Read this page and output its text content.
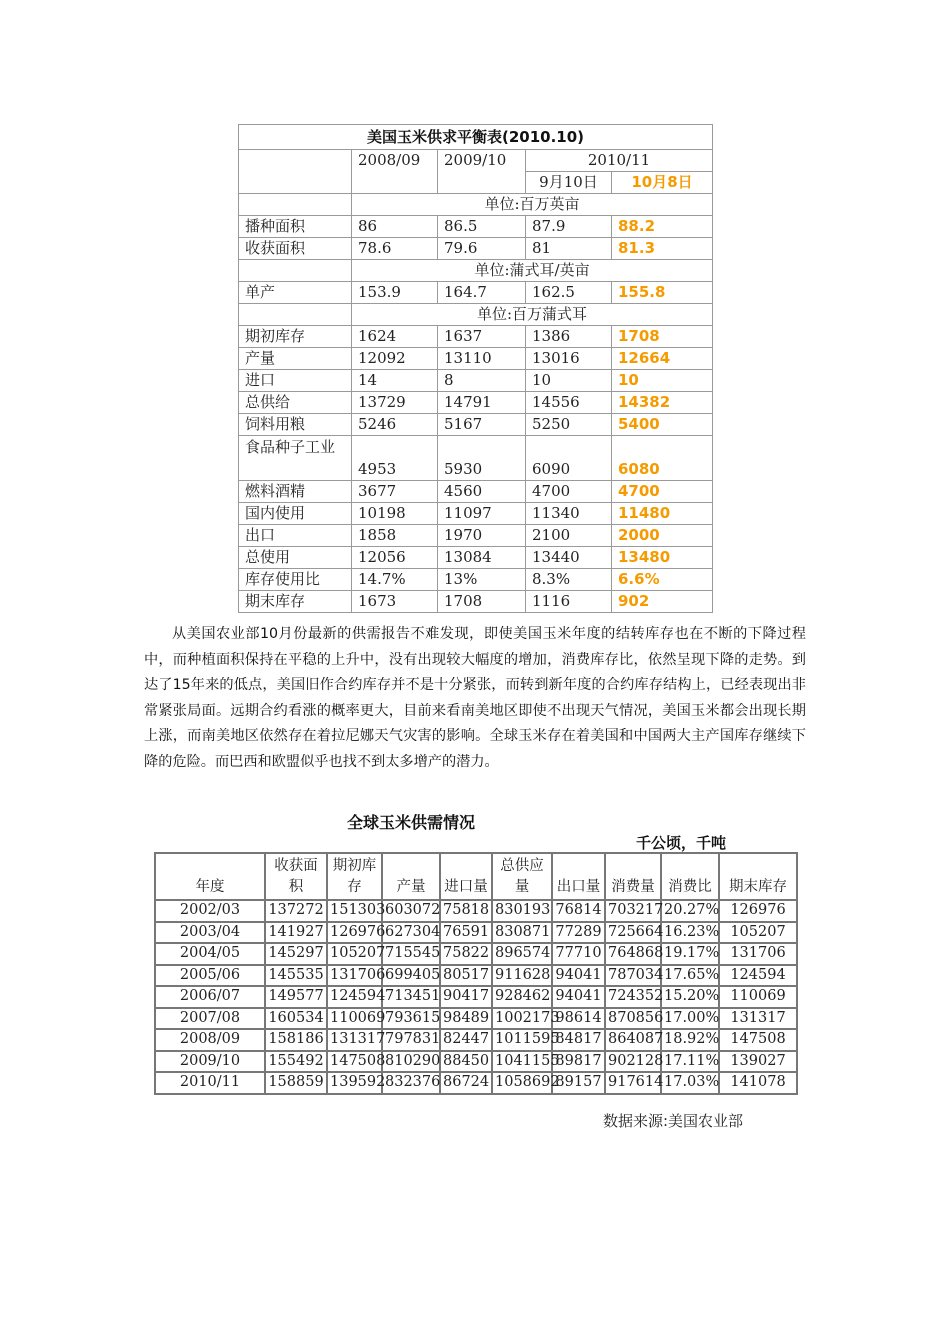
美国玉米供求平衡表(2010.10)				
	2008/09	2009/10	2010/11	
			9月10日	10月8日
	单位:百万英亩			
播种面积	86	86.5	87.9	88.2
收获面积	78.6	79.6	81	81.3
	单位:蒲式耳/英亩			
单产	153.9	164.7	162.5	155.8
	单位:百万蒲式耳			
期初库存	1624	1637	1386	1708
产量	12092	13110	13016	12664
进口	14	8	10	10
总供给	13729	14791	14556	14382
饲料用粮	5246	5167	5250	5400
食品种子工业	4953	5930	6090	6080
燃料酒精	3677	4560	4700	4700
国内使用	10198	11097	11340	11480
出口	1858	1970	2100	2000
总使用	12056	13084	13440	13480
库存使用比	14.7%	13%	8.3%	6.6%
期末库存	1673	1708	1116	902

从美国农业部10月份最新的供需报告不难发现，即使美国玉米年度的结转库存也在不断的下降过程中，而种植面积保持在平稳的上升中，没有出现较大幅度的增加，消费库存比，依然呈现下降的走势。到达了15年来的低点，美国旧作合约库存并不是十分紧张，而转到新年度的合约库存结构上，已经表现出非常紧张局面。远期合约看涨的概率更大，目前来看南美地区即使不出现天气情况，美国玉米都会出现长期上涨，而南美地区依然存在着拉尼娜天气灾害的影响。全球玉米存在着美国和中国两大主产国库存继续下降的危险。而巴西和欧盟似乎也找不到太多增产的潜力。

全球玉米供需情况
千公顷，千吨
年度	收获面积	期初库存	产量	进口量	总供应量	出口量	消费量	消费比	期末库存
2002/03	137272	151303	603072	75818	830193	76814	703217	20.27%	126976
2003/04	141927	126976	627304	76591	830871	77289	725664	16.23%	105207
2004/05	145297	105207	715545	75822	896574	77710	764868	19.17%	131706
2005/06	145535	131706	699405	80517	911628	94041	787034	17.65%	124594
2006/07	149577	124594	713451	90417	928462	94041	724352	15.20%	110069
2007/08	160534	110069	793615	98489	1002173	98614	870856	17.00%	131317
2008/09	158186	131317	797831	82447	1011595	84817	864087	18.92%	147508
2009/10	155492	147508	810290	88450	1041155	89817	902128	17.11%	139027
2010/11	158859	139592	832376	86724	1058692	89157	917614	17.03%	141078
数据来源:美国农业部
